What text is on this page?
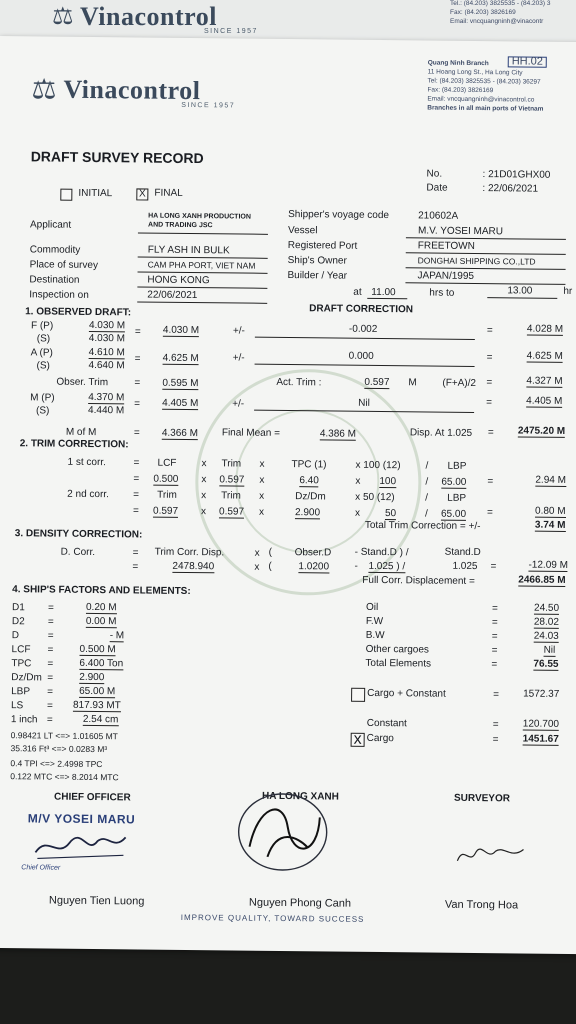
⚖ Vinacontrol
SINCE 1957
Tel.: (84.203) 3825535 - (84.203) 3
Fax: (84.203) 3826169
Email: vncquangninh@vinacontr
⚖ Vinacontrol
SINCE 1957
Quang Ninh Branch	HH.02
11 Hoang Long St., Ha Long City
Tel: (84.203) 3825535 - (84.203) 36297
Fax: (84.203) 3826169
Email: vncquangninh@vinacontrol.co
Branches in all main ports of Vietnam
DRAFT SURVEY RECORD
No.	: 21D01GHX00
Date	: 22/06/2021
INITIAL	X FINAL
Applicant
HA LONG XANH PRODUCTION
AND TRADING JSC
Commodity	FLY ASH IN BULK
Place of survey	CAM PHA PORT, VIET NAM
Destination	HONG KONG
Inspection on	22/06/2021
Shipper's voyage code	210602A
Vessel	M.V. YOSEI MARU
Registered Port	FREETOWN
Ship's Owner	DONGHAI SHIPPING CO.,LTD
Builder / Year	JAPAN/1995
at 11.00	hrs to	13.00	hr
1. OBSERVED DRAFT:	DRAFT CORRECTION
F (P)
(S)
4.030 M
4.030 M
= 4.030 M	+/-	-0.002	=	4.028 M
A (P)
(S)
4.610 M
4.640 M
= 4.625 M	+/-	0.000	=	4.625 M
Obser. Trim	= 0.595 M	Act. Trim :	0.597 M	(F+A)/2 =	4.327 M
M (P)
(S)
4.370 M
4.440 M
= 4.405 M	+/-	Nil	=	4.405 M
M of M	= 4.366 M Final Mean =	4.386 M	Disp. At 1.025 = 2475.20 M
2. TRIM CORRECTION:
1 st corr.	= LCF x Trim x	TPC (1)	x 100 (12) / LBP
= 0.500 x 0.597 x	6.40	x 100	/ 65.00 =	2.94 M
2 nd corr. = Trim x Trim x	Dz/Dm	x 50 (12)	/ LBP
= 0.597 x 0.597 x	2.900	x 50	/ 65.00 =	0.80 M
Total Trim Correction = +/-	3.74 M
3. DENSITY CORRECTION:
D. Corr.	= Trim Corr. Disp.	x ( Obser.D - Stand.D ) /	Stand.D
=	2478.940	x (	1.0200	- 1.025 ) /	1.025 =	-12.09 M
Full Corr. Displacement =	2466.85 M
4. SHIP'S FACTORS AND ELEMENTS:
D1 =	0.20 M
D2 =	0.00 M
D	=	- M
LCF =	0.500 M
TPC =	6.400 Ton
Dz/Dm =	2.900
LBP =	65.00 M
LS = 817.93 MT
1 inch =	2.54 cm
0.98421 LT <=> 1.01605 MT
35.316 Ft³ <=> 0.0283 M³
0.4 TPI <=> 2.4998 TPC
0.122 MTC <=> 8.2014 MTC
Oil	=	24.50
F.W	=	28.02
B.W	=	24.03
Other cargoes	=	Nil
Total Elements	=	76.55
Cargo + Constant	= 1572.37
Constant	= 120.700
x Cargo	= 1451.67
CHIEF OFFICER
M/V YOSEI MARU
Chief Officer
HA LONG XANH	SURVEYOR
Nguyen Tien Luong	Nguyen Phong Canh	Van Trong Hoa
IMPROVE QUALITY, TOWARD SUCCESS
